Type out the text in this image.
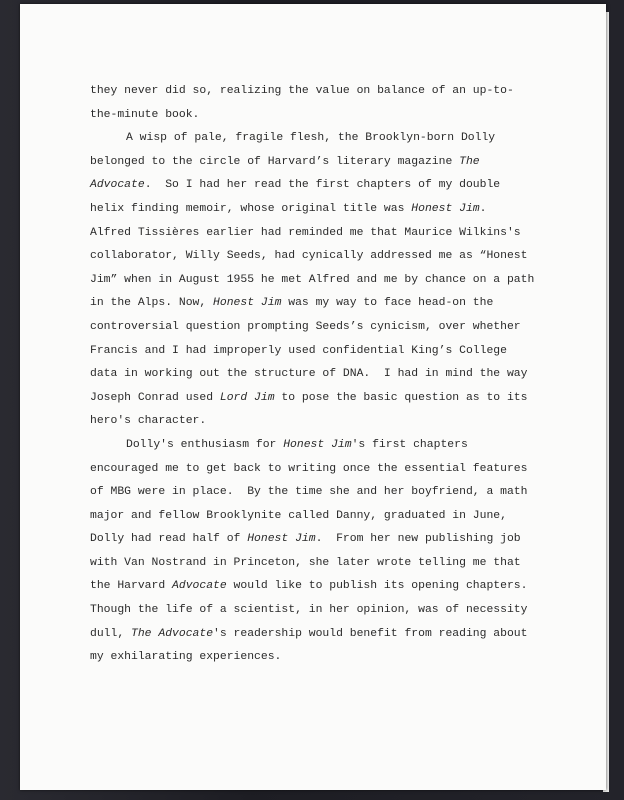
they never did so, realizing the value on balance of an up-to-
the-minute book.
A wisp of pale, fragile flesh, the Brooklyn-born Dolly
belonged to the circle of Harvard’s literary magazine The
Advocate.  So I had her read the first chapters of my double
helix finding memoir, whose original title was Honest Jim.
Alfred Tissières earlier had reminded me that Maurice Wilkins's
collaborator, Willy Seeds, had cynically addressed me as “Honest
Jim” when in August 1955 he met Alfred and me by chance on a path
in the Alps. Now, Honest Jim was my way to face head-on the
controversial question prompting Seeds’s cynicism, over whether
Francis and I had improperly used confidential King’s College
data in working out the structure of DNA.  I had in mind the way
Joseph Conrad used Lord Jim to pose the basic question as to its
hero's character.
Dolly's enthusiasm for Honest Jim's first chapters
encouraged me to get back to writing once the essential features
of MBG were in place.  By the time she and her boyfriend, a math
major and fellow Brooklynite called Danny, graduated in June,
Dolly had read half of Honest Jim.  From her new publishing job
with Van Nostrand in Princeton, she later wrote telling me that
the Harvard Advocate would like to publish its opening chapters.
Though the life of a scientist, in her opinion, was of necessity
dull, The Advocate's readership would benefit from reading about
my exhilarating experiences.
